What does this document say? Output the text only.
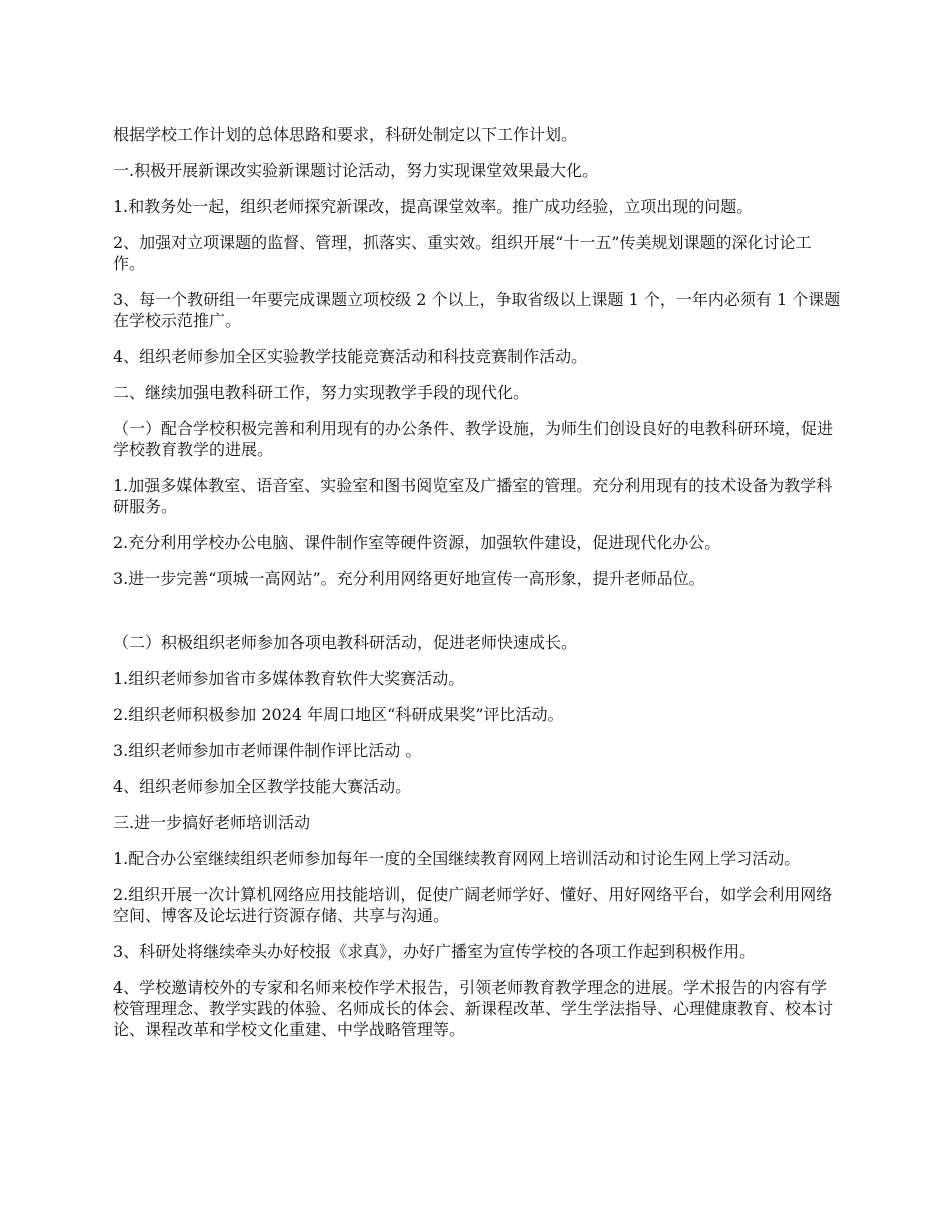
根据学校工作计划的总体思路和要求，科研处制定以下工作计划。

一.积极开展新课改实验新课题讨论活动，努力实现课堂效果最大化。

1.和教务处一起，组织老师探究新课改，提高课堂效率。推广成功经验，立项出现的问题。

2、加强对立项课题的监督、管理，抓落实、重实效。组织开展“十一五”传美规划课题的深化讨论工作。

3、每一个教研组一年要完成课题立项校级 2 个以上，争取省级以上课题 1 个，一年内必须有 1 个课题在学校示范推广。

4、组织老师参加全区实验教学技能竞赛活动和科技竞赛制作活动。

二、继续加强电教科研工作，努力实现教学手段的现代化。

（一）配合学校积极完善和利用现有的办公条件、教学设施，为师生们创设良好的电教科研环境，促进学校教育教学的进展。

1.加强多媒体教室、语音室、实验室和图书阅览室及广播室的管理。充分利用现有的技术设备为教学科研服务。

2.充分利用学校办公电脑、课件制作室等硬件资源，加强软件建设，促进现代化办公。

3.进一步完善“项城一高网站”。充分利用网络更好地宣传一高形象，提升老师品位。

（二）积极组织老师参加各项电教科研活动，促进老师快速成长。

1.组织老师参加省市多媒体教育软件大奖赛活动。

2.组织老师积极参加 2024 年周口地区“科研成果奖”评比活动。

3.组织老师参加市老师课件制作评比活动 。

4、组织老师参加全区教学技能大赛活动。

三.进一步搞好老师培训活动

1.配合办公室继续组织老师参加每年一度的全国继续教育网网上培训活动和讨论生网上学习活动。

2.组织开展一次计算机网络应用技能培训，促使广阔老师学好、懂好、用好网络平台，如学会利用网络空间、博客及论坛进行资源存储、共享与沟通。

3、科研处将继续牵头办好校报《求真》，办好广播室为宣传学校的各项工作起到积极作用。

4、学校邀请校外的专家和名师来校作学术报告，引领老师教育教学理念的进展。学术报告的内容有学校管理理念、教学实践的体验、名师成长的体会、新课程改革、学生学法指导、心理健康教育、校本讨论、课程改革和学校文化重建、中学战略管理等。
